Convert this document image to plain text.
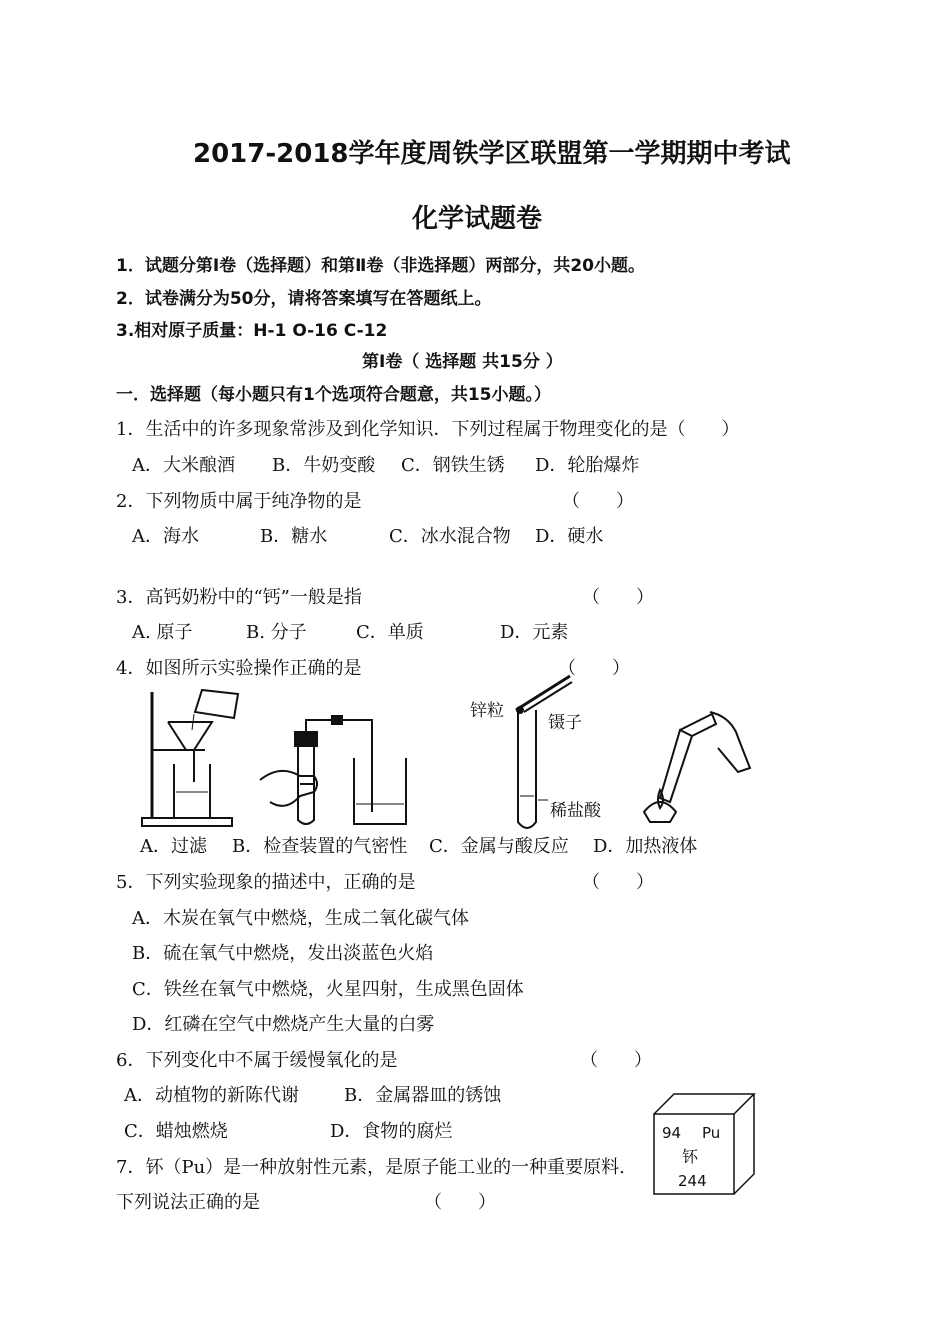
2017-2018学年度周铁学区联盟第一学期期中考试
化学试题卷
1．试题分第Ⅰ卷（选择题）和第Ⅱ卷（非选择题）两部分，共20小题。
2．试卷满分为50分，请将答案填写在答题纸上。
3.相对原子质量：H-1 O-16 C-12
第Ⅰ卷（ 选择题 共15分 ）
一．选择题（每小题只有1个选项符合题意，共15小题。）
1．生活中的许多现象常涉及到化学知识．下列过程属于物理变化的是（　　）
A．大米酿酒 B．牛奶变酸 C．钢铁生锈 D．轮胎爆炸
2．下列物质中属于纯净物的是	（　　）
A．海水	B．糖水	C．冰水混合物 D．硬水
3．高钙奶粉中的“钙”一般是指	（　　）
A. 原子	B. 分子	C．单质	D．元素
4．如图所示实验操作正确的是	（　　）
锌粒
镊子
稀盐酸
A．过滤 B．检查装置的气密性 C．金属与酸反应 D．加热液体
5．下列实验现象的描述中，正确的是	（　　）
A．木炭在氧气中燃烧，生成二氧化碳气体
B．硫在氧气中燃烧，发出淡蓝色火焰
C．铁丝在氧气中燃烧，火星四射，生成黑色固体
D．红磷在空气中燃烧产生大量的白雾
6．下列变化中不属于缓慢氧化的是	（　　）
A．动植物的新陈代谢	B．金属器皿的锈蚀
C．蜡烛燃烧	D．食物的腐烂
7．钚（Pu）是一种放射性元素，是原子能工业的一种重要原料.
下列说法正确的是	（　　）
94 Pu
钚
244
